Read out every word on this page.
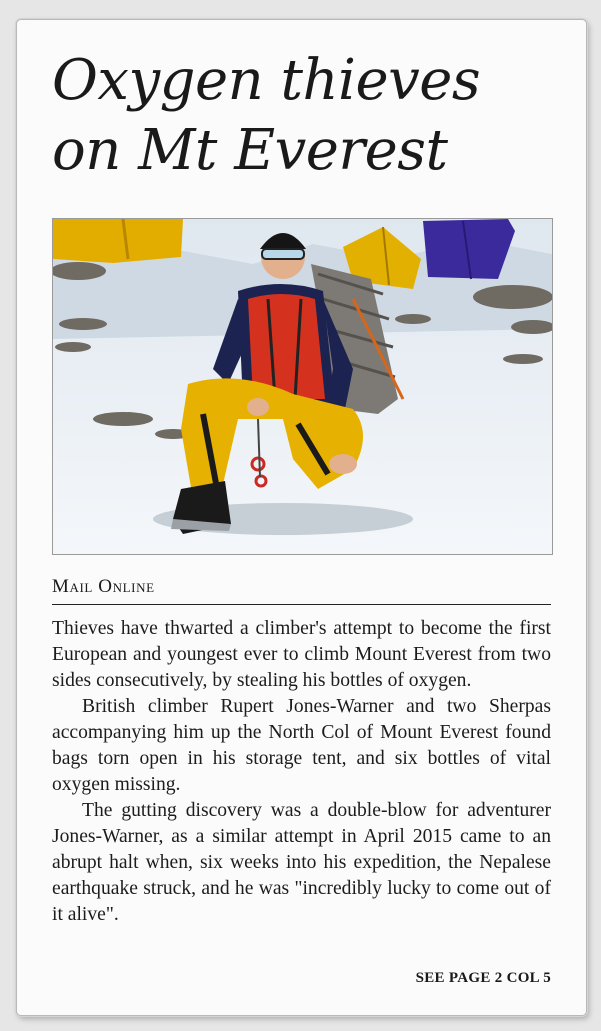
Oxygen thieves
on Mt Everest
Mail Online

Thieves have thwarted a climber's attempt to become the first European and youngest ever to climb Mount Everest from two sides consecutively, by stealing his bottles of oxygen.

British climber Rupert Jones-Warner and two Sherpas accompanying him up the North Col of Mount Everest found bags torn open in his storage tent, and six bottles of vital oxygen missing.

The gutting discovery was a double-blow for adventurer Jones-Warner, as a similar attempt in April 2015 came to an abrupt halt when, six weeks into his expedition, the Nepalese earthquake struck, and he was "incredibly lucky to come out of it alive".

SEE PAGE 2 COL 5
